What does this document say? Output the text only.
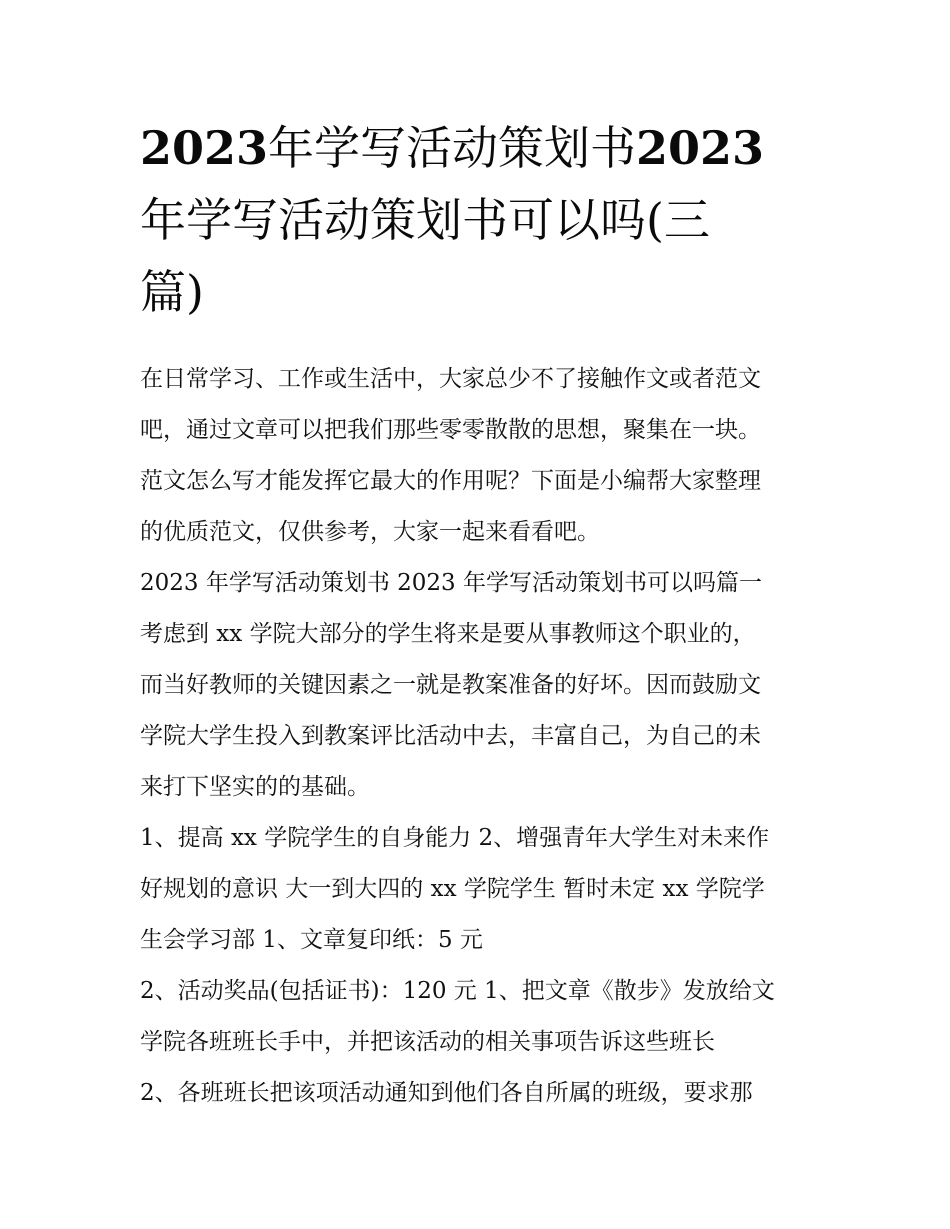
2023年学写活动策划书2023
年学写活动策划书可以吗(三
篇)

在日常学习、工作或生活中，大家总少不了接触作文或者范文

吧，通过文章可以把我们那些零零散散的思想，聚集在一块。

范文怎么写才能发挥它最大的作用呢？下面是小编帮大家整理

的优质范文，仅供参考，大家一起来看看吧。

2023 年学写活动策划书 2023 年学写活动策划书可以吗篇一

考虑到 xx 学院大部分的学生将来是要从事教师这个职业的，

而当好教师的关键因素之一就是教案准备的好坏。因而鼓励文

学院大学生投入到教案评比活动中去，丰富自己，为自己的未

来打下坚实的的基础。

1、提高 xx 学院学生的自身能力 2、增强青年大学生对未来作

好规划的意识 大一到大四的 xx 学院学生 暂时未定 xx 学院学

生会学习部 1、文章复印纸：5 元

2、活动奖品(包括证书)：120 元 1、把文章《散步》发放给文

学院各班班长手中，并把该活动的相关事项告诉这些班长

2、各班班长把该项活动通知到他们各自所属的班级，要求那
